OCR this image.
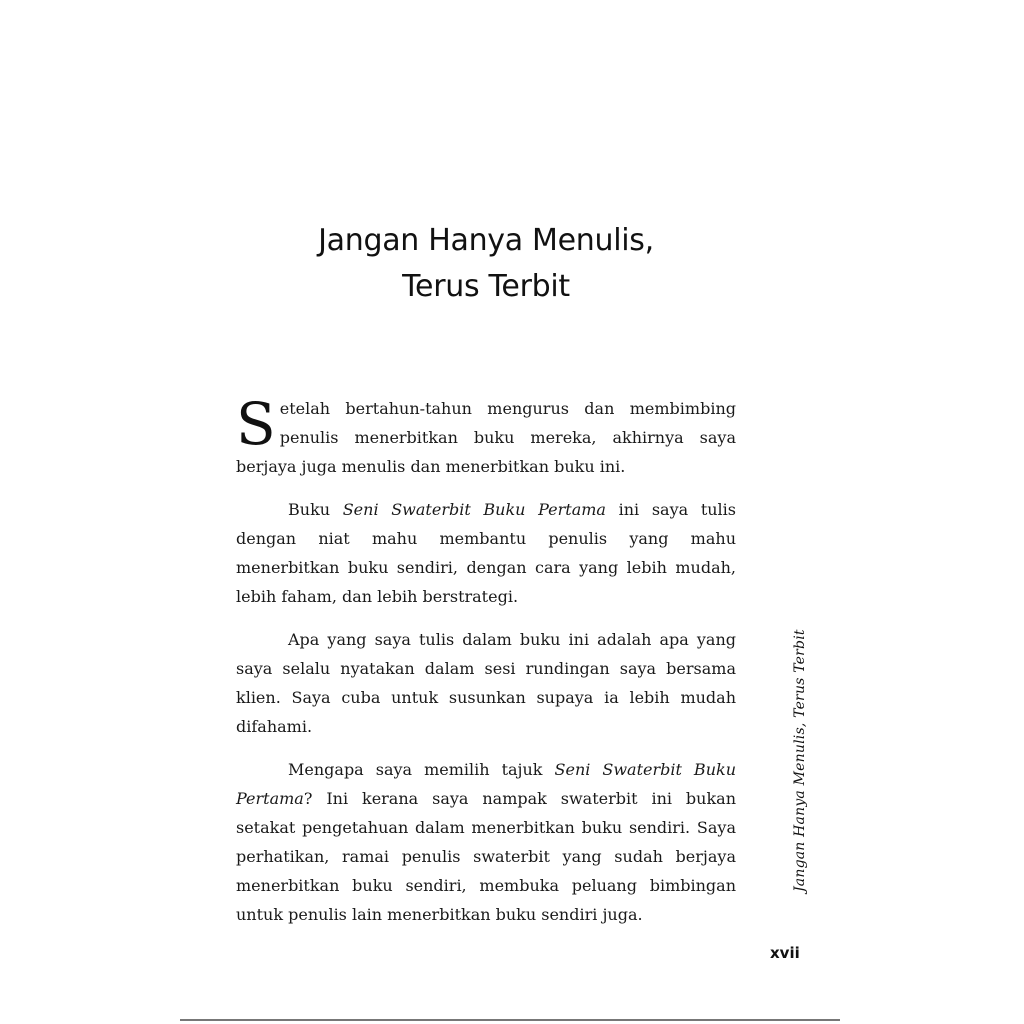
Jangan Hanya Menulis,
Terus Terbit

Setelah bertahun-tahun mengurus dan membimbing penulis menerbitkan buku mereka, akhirnya saya berjaya juga menulis dan menerbitkan buku ini.

Buku Seni Swaterbit Buku Pertama ini saya tulis dengan niat mahu membantu penulis yang mahu menerbitkan buku sendiri, dengan cara yang lebih mudah, lebih faham, dan lebih berstrategi.

Apa yang saya tulis dalam buku ini adalah apa yang saya selalu nyatakan dalam sesi rundingan saya bersama klien. Saya cuba untuk susunkan supaya ia lebih mudah difahami.

Mengapa saya memilih tajuk Seni Swaterbit Buku Pertama? Ini kerana saya nampak swaterbit ini bukan setakat pengetahuan dalam menerbitkan buku sendiri. Saya perhatikan, ramai penulis swaterbit yang sudah berjaya menerbitkan buku sendiri, membuka peluang bimbingan untuk penulis lain menerbitkan buku sendiri juga.

Jangan Hanya Menulis, Terus Terbit
xvii
